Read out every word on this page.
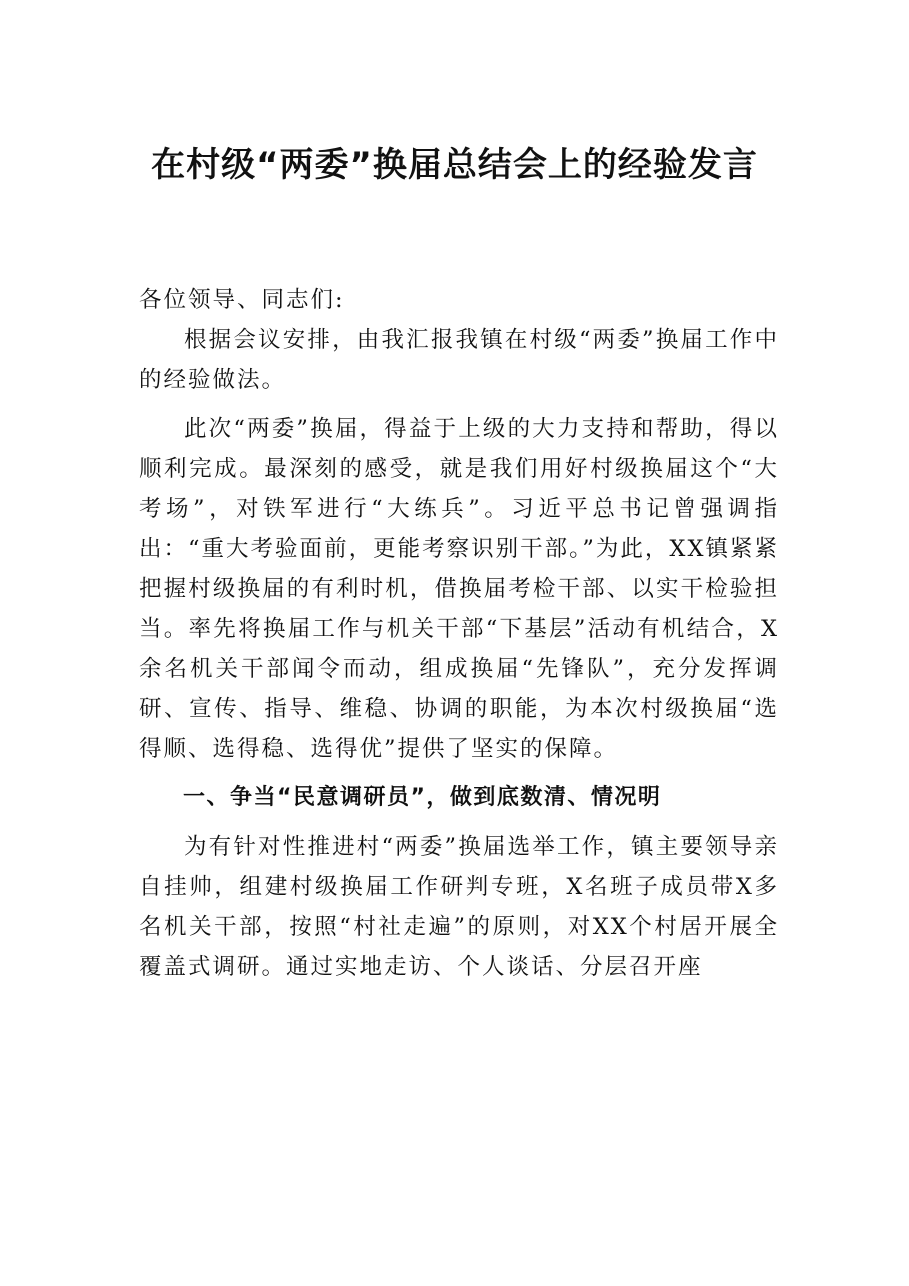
在村级“两委”换届总结会上的经验发言

各位领导、同志们:

根据会议安排，由我汇报我镇在村级“两委”换届工作中的经验做法。

此次“两委”换届，得益于上级的大力支持和帮助，得以顺利完成。最深刻的感受，就是我们用好村级换届这个“大考场”，对铁军进行“大练兵”。习近平总书记曾强调指出：“重大考验面前，更能考察识别干部。”为此，XX镇紧紧把握村级换届的有利时机，借换届考检干部、以实干检验担当。率先将换届工作与机关干部“下基层”活动有机结合，X余名机关干部闻令而动，组成换届“先锋队”，充分发挥调研、宣传、指导、维稳、协调的职能，为本次村级换届“选得顺、选得稳、选得优”提供了坚实的保障。

一、争当“民意调研员”，做到底数清、情况明

为有针对性推进村“两委”换届选举工作，镇主要领导亲自挂帅，组建村级换届工作研判专班，X名班子成员带X多名机关干部，按照“村社走遍”的原则，对XX个村居开展全覆盖式调研。通过实地走访、个人谈话、分层召开座
